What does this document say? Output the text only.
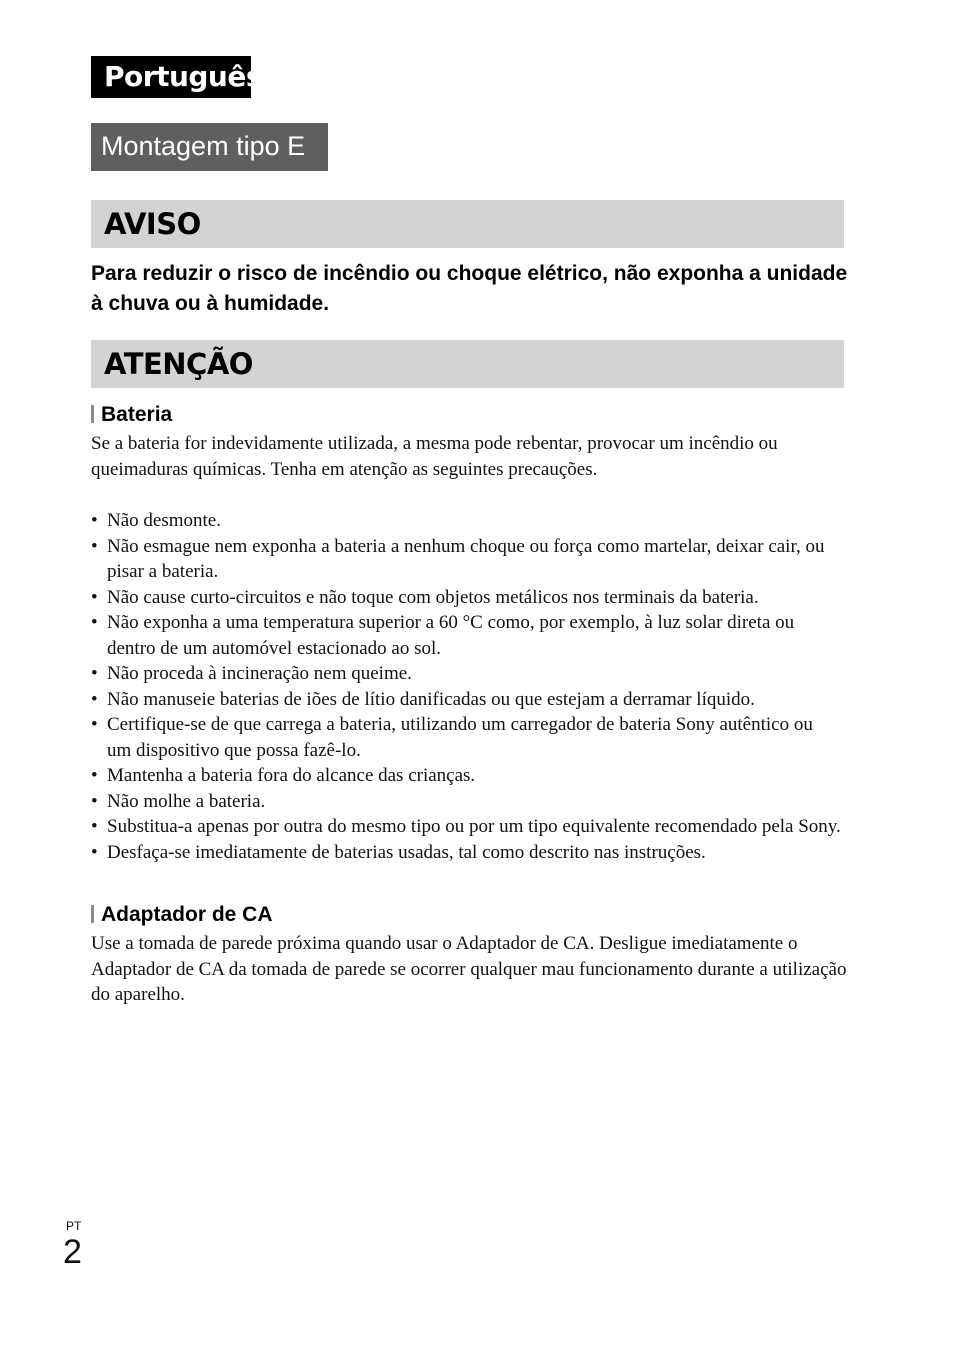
Português
Montagem tipo E
AVISO
Para reduzir o risco de incêndio ou choque elétrico, não exponha a unidade à chuva ou à humidade.
ATENÇÃO
Bateria
Se a bateria for indevidamente utilizada, a mesma pode rebentar, provocar um incêndio ou queimaduras químicas. Tenha em atenção as seguintes precauções.
• Não desmonte.
• Não esmague nem exponha a bateria a nenhum choque ou força como martelar, deixar cair, ou pisar a bateria.
• Não cause curto-circuitos e não toque com objetos metálicos nos terminais da bateria.
• Não exponha a uma temperatura superior a 60 °C como, por exemplo, à luz solar direta ou dentro de um automóvel estacionado ao sol.
• Não proceda à incineração nem queime.
• Não manuseie baterias de iões de lítio danificadas ou que estejam a derramar líquido.
• Certifique-se de que carrega a bateria, utilizando um carregador de bateria Sony autêntico ou um dispositivo que possa fazê-lo.
• Mantenha a bateria fora do alcance das crianças.
• Não molhe a bateria.
• Substitua-a apenas por outra do mesmo tipo ou por um tipo equivalente recomendado pela Sony.
• Desfaça-se imediatamente de baterias usadas, tal como descrito nas instruções.
Adaptador de CA
Use a tomada de parede próxima quando usar o Adaptador de CA. Desligue imediatamente o Adaptador de CA da tomada de parede se ocorrer qualquer mau funcionamento durante a utilização do aparelho.
PT
2
